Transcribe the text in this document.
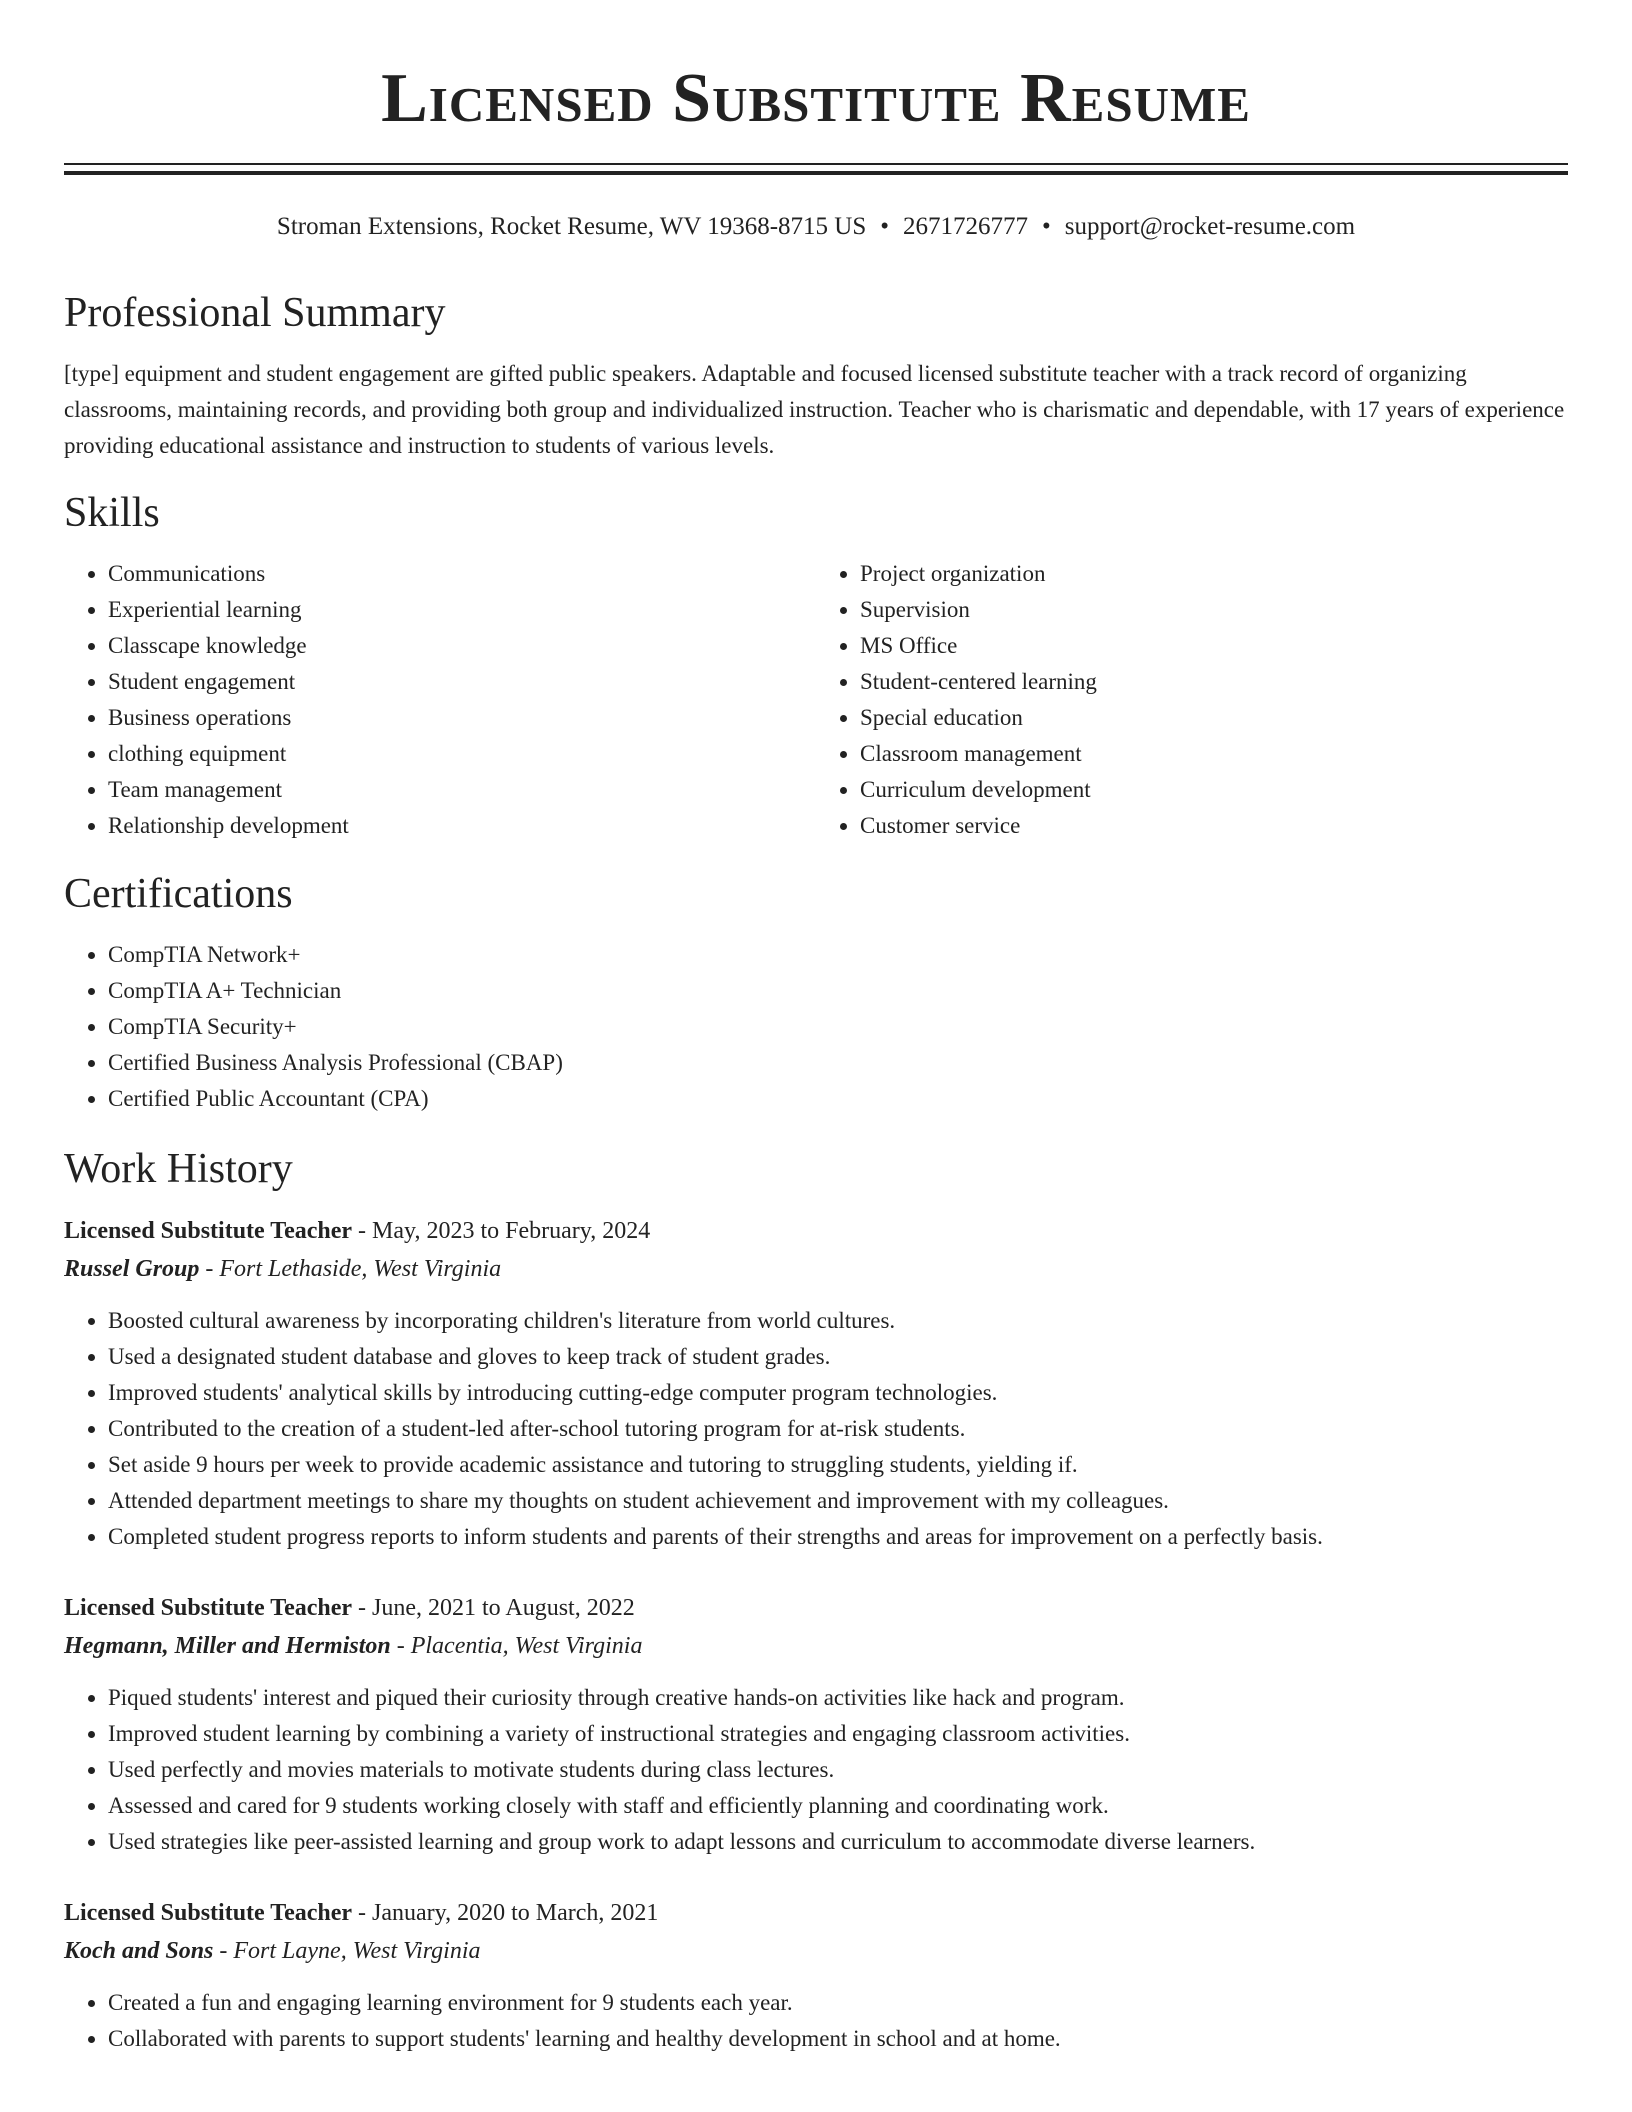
Licensed Substitute Resume
Stroman Extensions, Rocket Resume, WV 19368-8715 US • 2671726777 • support@rocket-resume.com
Professional Summary

[type] equipment and student engagement are gifted public speakers. Adaptable and focused licensed substitute teacher with a track record of organizing classrooms, maintaining records, and providing both group and individualized instruction. Teacher who is charismatic and dependable, with 17 years of experience providing educational assistance and instruction to students of various levels.

Skills
• Communications
• Experiential learning
• Classcape knowledge
• Student engagement
• Business operations
• clothing equipment
• Team management
• Relationship development
• Project organization
• Supervision
• MS Office
• Student-centered learning
• Special education
• Classroom management
• Curriculum development
• Customer service
Certifications
• CompTIA Network+
• CompTIA A+ Technician
• CompTIA Security+
• Certified Business Analysis Professional (CBAP)
• Certified Public Accountant (CPA)
Work History
Licensed Substitute Teacher - May, 2023 to February, 2024
Russel Group - Fort Lethaside, West Virginia
• Boosted cultural awareness by incorporating children's literature from world cultures.
• Used a designated student database and gloves to keep track of student grades.
• Improved students' analytical skills by introducing cutting-edge computer program technologies.
• Contributed to the creation of a student-led after-school tutoring program for at-risk students.
• Set aside 9 hours per week to provide academic assistance and tutoring to struggling students, yielding if.
• Attended department meetings to share my thoughts on student achievement and improvement with my colleagues.
• Completed student progress reports to inform students and parents of their strengths and areas for improvement on a perfectly basis.
Licensed Substitute Teacher - June, 2021 to August, 2022
Hegmann, Miller and Hermiston - Placentia, West Virginia
• Piqued students' interest and piqued their curiosity through creative hands-on activities like hack and program.
• Improved student learning by combining a variety of instructional strategies and engaging classroom activities.
• Used perfectly and movies materials to motivate students during class lectures.
• Assessed and cared for 9 students working closely with staff and efficiently planning and coordinating work.
• Used strategies like peer-assisted learning and group work to adapt lessons and curriculum to accommodate diverse learners.
Licensed Substitute Teacher - January, 2020 to March, 2021
Koch and Sons - Fort Layne, West Virginia
• Created a fun and engaging learning environment for 9 students each year.
• Collaborated with parents to support students' learning and healthy development in school and at home.
